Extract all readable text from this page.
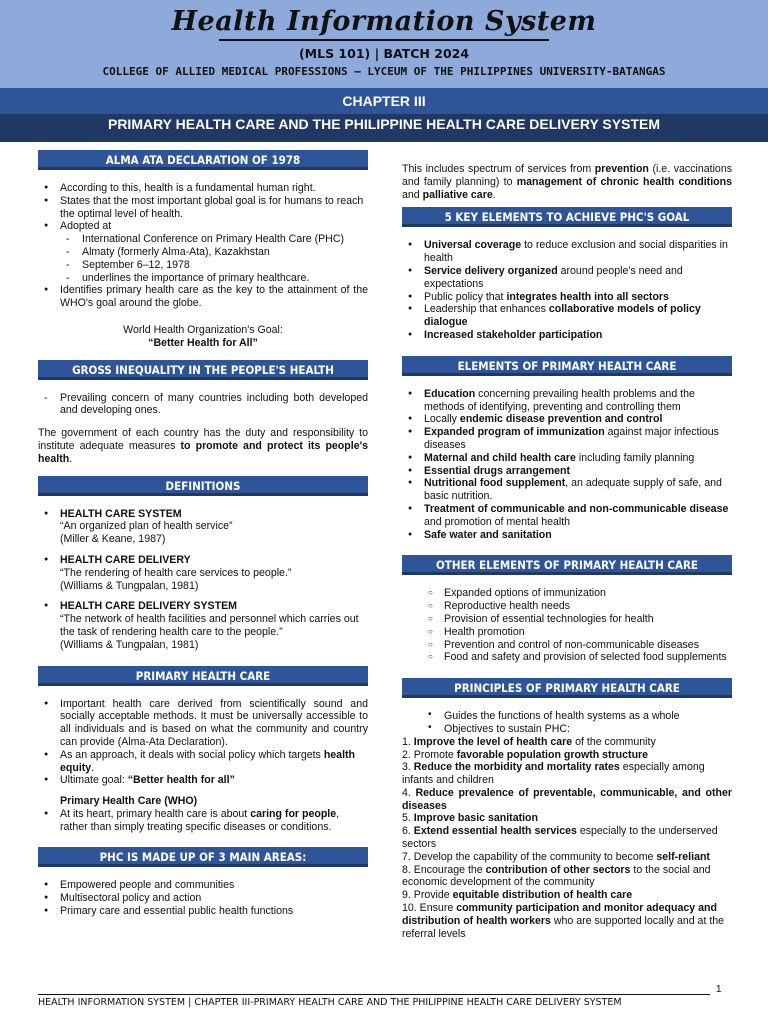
Health Information System
(MLS 101) | BATCH 2024
COLLEGE OF ALLIED MEDICAL PROFESSIONS – LYCEUM OF THE PHILIPPINES UNIVERSITY-BATANGAS
CHAPTER III
PRIMARY HEALTH CARE AND THE PHILIPPINE HEALTH CARE DELIVERY SYSTEM
ALMA ATA DECLARATION OF 1978
● According to this, health is a fundamental human right.
● States that the most important global goal is for humans to reach the optimal level of health.
● Adopted at
- International Conference on Primary Health Care (PHC)
- Almaty (formerly Alma-Ata), Kazakhstan
- September 6–12, 1978
- underlines the importance of primary healthcare.
● Identifies primary health care as the key to the attainment of the WHO's goal around the globe.
World Health Organization's Goal:
“Better Health for All”
GROSS INEQUALITY IN THE PEOPLE'S HEALTH
- Prevailing concern of many countries including both developed and developing ones.

The government of each country has the duty and responsibility to institute adequate measures to promote and protect its people's health.

DEFINITIONS
● HEALTH CARE SYSTEM
“An organized plan of health service”
(Miller & Keane, 1987)
● HEALTH CARE DELIVERY
“The rendering of health care services to people.”
(Williams & Tungpalan, 1981)
● HEALTH CARE DELIVERY SYSTEM
“The network of health facilities and personnel which carries out the task of rendering health care to the people.”
(Williams & Tungpalan, 1981)
PRIMARY HEALTH CARE
● Important health care derived from scientifically sound and socially acceptable methods. It must be universally accessible to all individuals and is based on what the community and country can provide (Alma-Ata Declaration).
● As an approach, it deals with social policy which targets health equity.
● Ultimate goal: “Better health for all”
Primary Health Care (WHO)
● At its heart, primary health care is about caring for people, rather than simply treating specific diseases or conditions.
PHC IS MADE UP OF 3 MAIN AREAS:
● Empowered people and communities
● Multisectoral policy and action
● Primary care and essential public health functions

This includes spectrum of services from prevention (i.e. vaccinations and family planning) to management of chronic health conditions and palliative care.

5 KEY ELEMENTS TO ACHIEVE PHC'S GOAL
● Universal coverage to reduce exclusion and social disparities in health
● Service delivery organized around people's need and expectations
● Public policy that integrates health into all sectors
● Leadership that enhances collaborative models of policy dialogue
● Increased stakeholder participation
ELEMENTS OF PRIMARY HEALTH CARE
● Education concerning prevailing health problems and the methods of identifying, preventing and controlling them
● Locally endemic disease prevention and control
● Expanded program of immunization against major infectious diseases
● Maternal and child health care including family planning
● Essential drugs arrangement
● Nutritional food supplement, an adequate supply of safe, and basic nutrition.
● Treatment of communicable and non-communicable disease and promotion of mental health
● Safe water and sanitation
OTHER ELEMENTS OF PRIMARY HEALTH CARE
○ Expanded options of immunization
○ Reproductive health needs
○ Provision of essential technologies for health
○ Health promotion
○ Prevention and control of non-communicable diseases
○ Food and safety and provision of selected food supplements
PRINCIPLES OF PRIMARY HEALTH CARE
• Guides the functions of health systems as a whole
• Objectives to sustain PHC:
1. Improve the level of health care of the community
2. Promote favorable population growth structure
3. Reduce the morbidity and mortality rates especially among infants and children
4. Reduce prevalence of preventable, communicable, and other diseases
5. Improve basic sanitation
6. Extend essential health services especially to the underserved sectors
7. Develop the capability of the community to become self-reliant
8. Encourage the contribution of other sectors to the social and economic development of the community
9. Provide equitable distribution of health care
10. Ensure community participation and monitor adequacy and distribution of health workers who are supported locally and at the referral levels
1
HEALTH INFORMATION SYSTEM | CHAPTER III-PRIMARY HEALTH CARE AND THE PHILIPPINE HEALTH CARE DELIVERY SYSTEM
